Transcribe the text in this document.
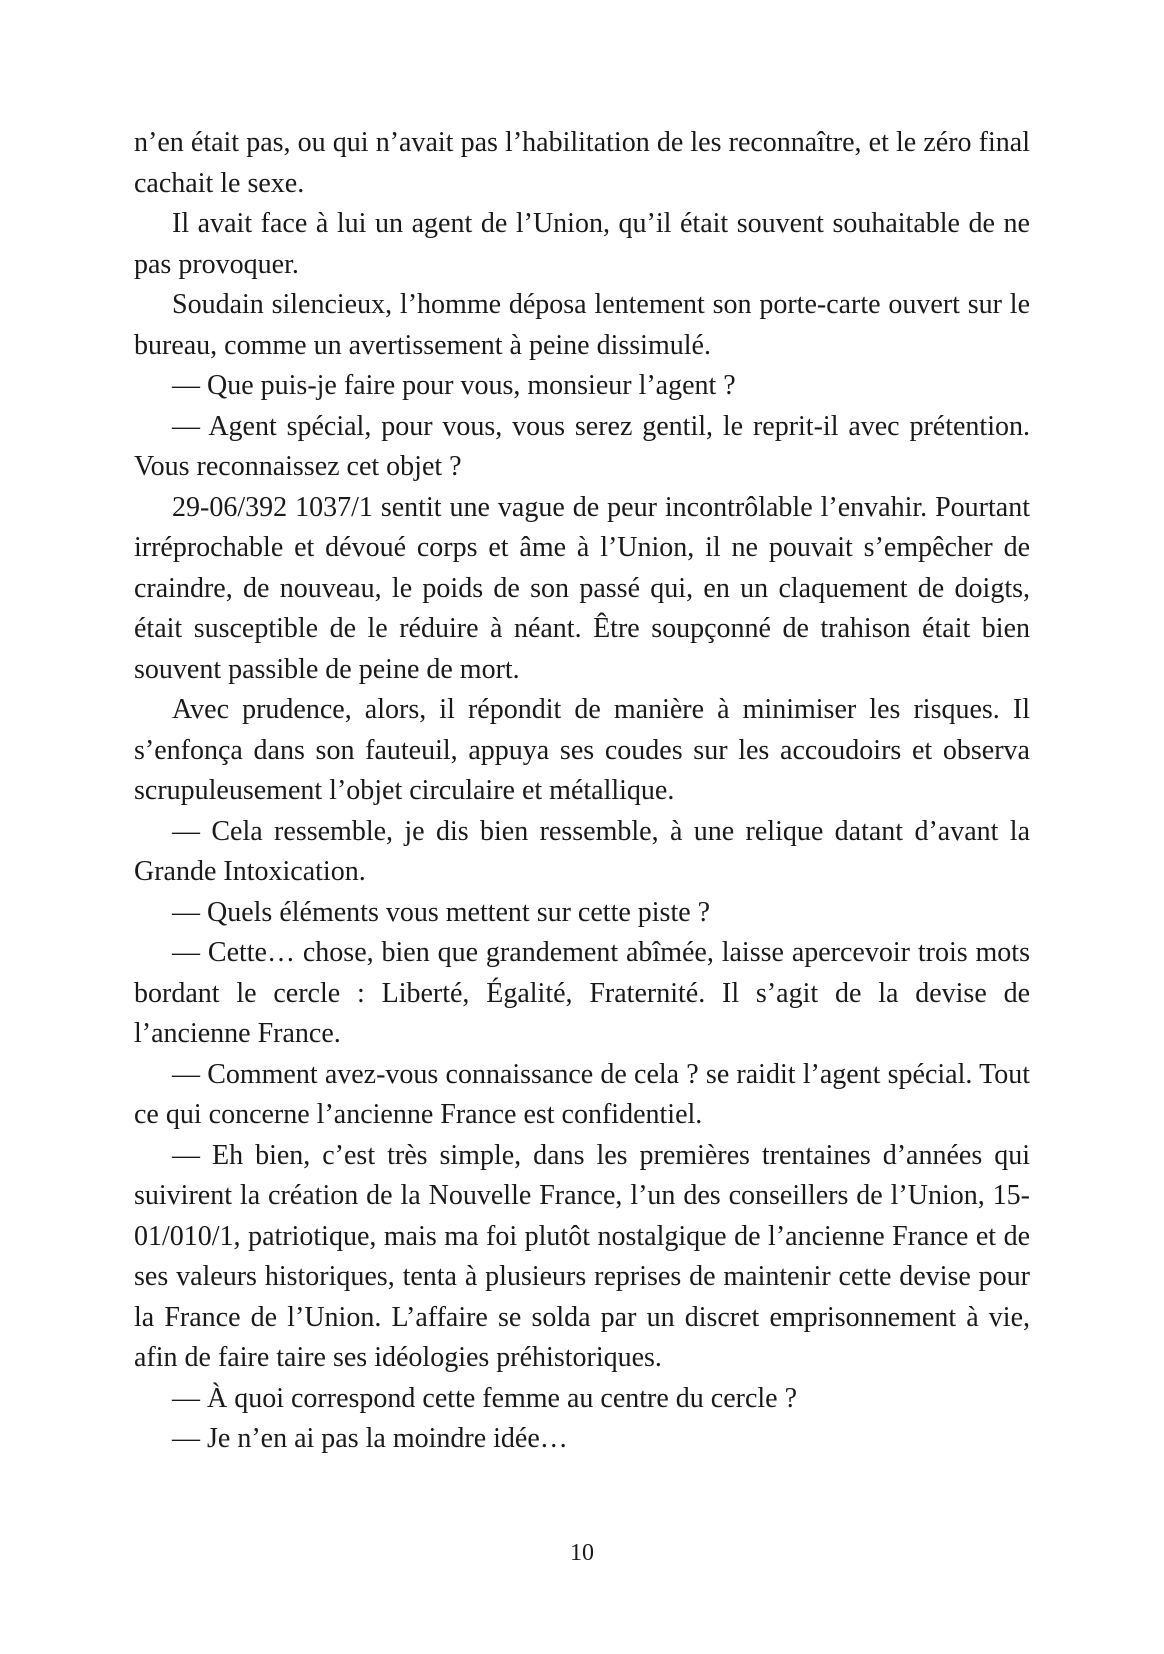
n’en était pas, ou qui n’avait pas l’habilitation de les reconnaître, et le zéro final cachait le sexe.

Il avait face à lui un agent de l’Union, qu’il était souvent souhaitable de ne pas provoquer.

Soudain silencieux, l’homme déposa lentement son porte-carte ouvert sur le bureau, comme un avertissement à peine dissimulé.

— Que puis-je faire pour vous, monsieur l’agent ?

— Agent spécial, pour vous, vous serez gentil, le reprit-il avec prétention. Vous reconnaissez cet objet ?

29-06/392 1037/1 sentit une vague de peur incontrôlable l’envahir. Pourtant irréprochable et dévoué corps et âme à l’Union, il ne pouvait s’empêcher de craindre, de nouveau, le poids de son passé qui, en un claquement de doigts, était susceptible de le réduire à néant. Être soupçonné de trahison était bien souvent passible de peine de mort.

Avec prudence, alors, il répondit de manière à minimiser les risques. Il s’enfonça dans son fauteuil, appuya ses coudes sur les accoudoirs et observa scrupuleusement l’objet circulaire et métallique.

— Cela ressemble, je dis bien ressemble, à une relique datant d’avant la Grande Intoxication.

— Quels éléments vous mettent sur cette piste ?

— Cette… chose, bien que grandement abîmée, laisse apercevoir trois mots bordant le cercle : Liberté, Égalité, Fraternité. Il s’agit de la devise de l’ancienne France.

— Comment avez-vous connaissance de cela ? se raidit l’agent spécial. Tout ce qui concerne l’ancienne France est confidentiel.

— Eh bien, c’est très simple, dans les premières trentaines d’années qui suivirent la création de la Nouvelle France, l’un des conseillers de l’Union, 15-01/010/1, patriotique, mais ma foi plutôt nostalgique de l’ancienne France et de ses valeurs historiques, tenta à plusieurs reprises de maintenir cette devise pour la France de l’Union. L’affaire se solda par un discret emprisonnement à vie, afin de faire taire ses idéologies préhistoriques.

— À quoi correspond cette femme au centre du cercle ?

— Je n’en ai pas la moindre idée…

10
